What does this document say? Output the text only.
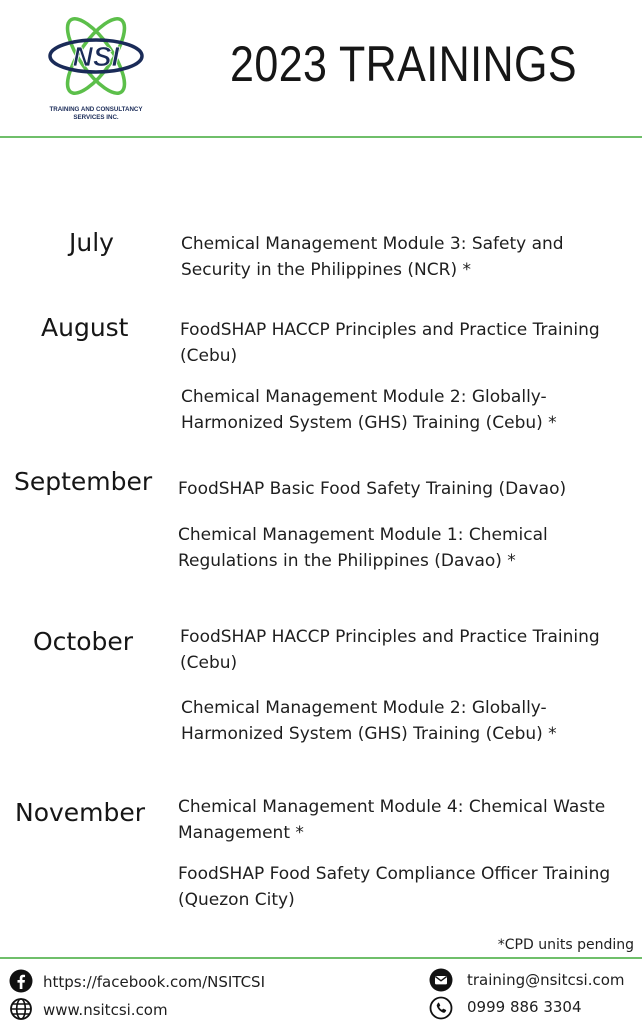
NSI
TRAINING AND CONSULTANCY
SERVICES INC.
2023 TRAININGS
July	Chemical Management Module 3: Safety and Security in the Philippines (NCR) *
August	FoodSHAP HACCP Principles and Practice Training (Cebu)
Chemical Management Module 2: Globally-Harmonized System (GHS) Training (Cebu) *
September FoodSHAP Basic Food Safety Training (Davao)
Chemical Management Module 1: Chemical Regulations in the Philippines (Davao) *
October	FoodSHAP HACCP Principles and Practice Training (Cebu)
Chemical Management Module 2: Globally-Harmonized System (GHS) Training (Cebu) *
November Chemical Management Module 4: Chemical Waste Management *
FoodSHAP Food Safety Compliance Officer Training (Quezon City)
*CPD units pending
https://facebook.com/NSITCSI
www.nsitcsi.com
training@nsitcsi.com
0999 886 3304
